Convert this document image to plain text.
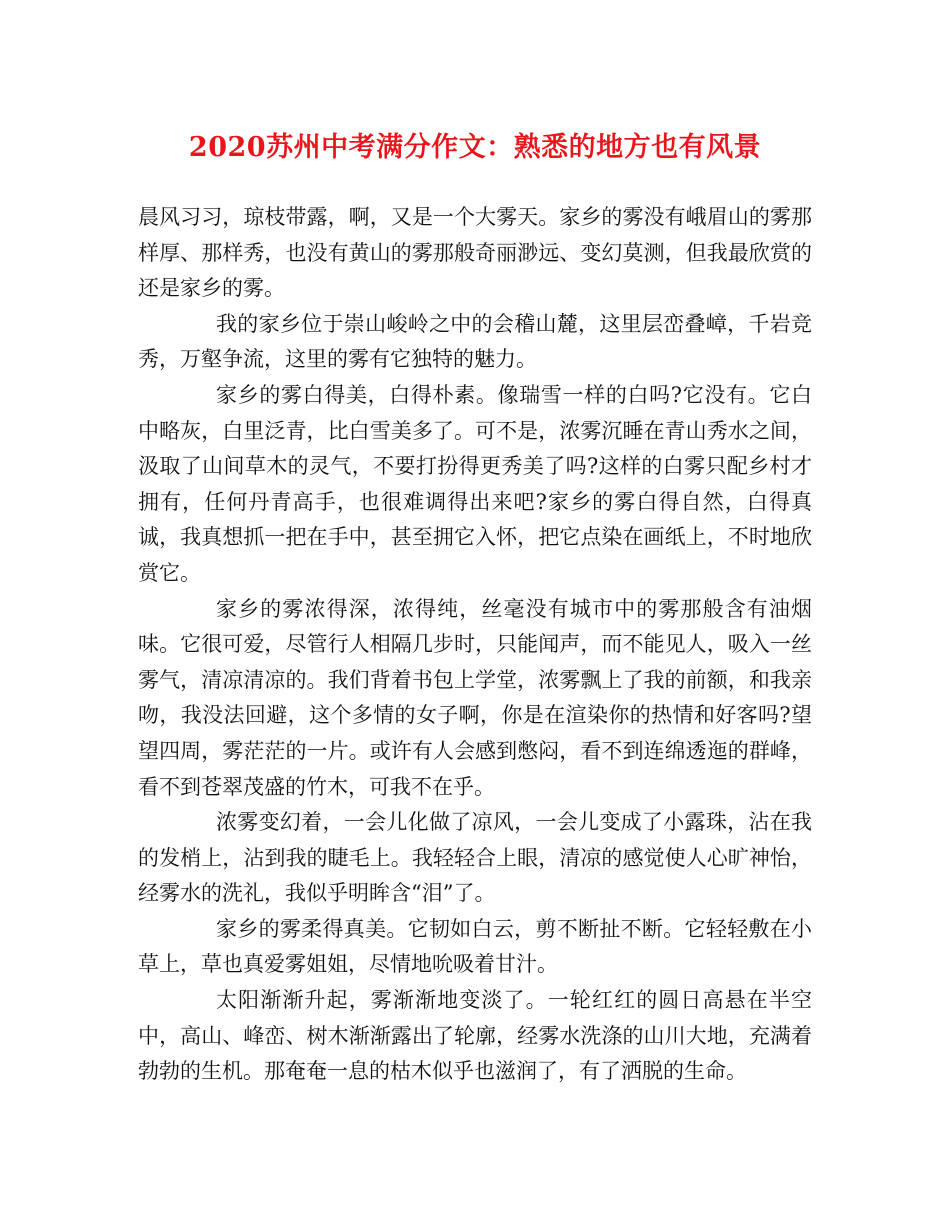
2020苏州中考满分作文：熟悉的地方也有风景

晨风习习，琼枝带露，啊，又是一个大雾天。家乡的雾没有峨眉山的雾那样厚、那样秀，也没有黄山的雾那般奇丽渺远、变幻莫测，但我最欣赏的还是家乡的雾。

我的家乡位于崇山峻岭之中的会稽山麓，这里层峦叠嶂，千岩竞秀，万壑争流，这里的雾有它独特的魅力。

家乡的雾白得美，白得朴素。像瑞雪一样的白吗?它没有。它白中略灰，白里泛青，比白雪美多了。可不是，浓雾沉睡在青山秀水之间，汲取了山间草木的灵气，不要打扮得更秀美了吗?这样的白雾只配乡村才拥有，任何丹青高手，也很难调得出来吧?家乡的雾白得自然，白得真诚，我真想抓一把在手中，甚至拥它入怀，把它点染在画纸上，不时地欣赏它。

家乡的雾浓得深，浓得纯，丝毫没有城市中的雾那般含有油烟味。它很可爱，尽管行人相隔几步时，只能闻声，而不能见人，吸入一丝雾气，清凉清凉的。我们背着书包上学堂，浓雾飘上了我的前额，和我亲吻，我没法回避，这个多情的女子啊，你是在渲染你的热情和好客吗?望望四周，雾茫茫的一片。或许有人会感到憋闷，看不到连绵透迤的群峰，看不到苍翠茂盛的竹木，可我不在乎。

浓雾变幻着，一会儿化做了凉风，一会儿变成了小露珠，沾在我的发梢上，沾到我的睫毛上。我轻轻合上眼，清凉的感觉使人心旷神怡，经雾水的洗礼，我似乎明眸含“泪”了。

家乡的雾柔得真美。它韧如白云，剪不断扯不断。它轻轻敷在小草上，草也真爱雾姐姐，尽情地吮吸着甘汁。

太阳渐渐升起，雾渐渐地变淡了。一轮红红的圆日高悬在半空中，高山、峰峦、树木渐渐露出了轮廓，经雾水洗涤的山川大地，充满着勃勃的生机。那奄奄一息的枯木似乎也滋润了，有了洒脱的生命。
